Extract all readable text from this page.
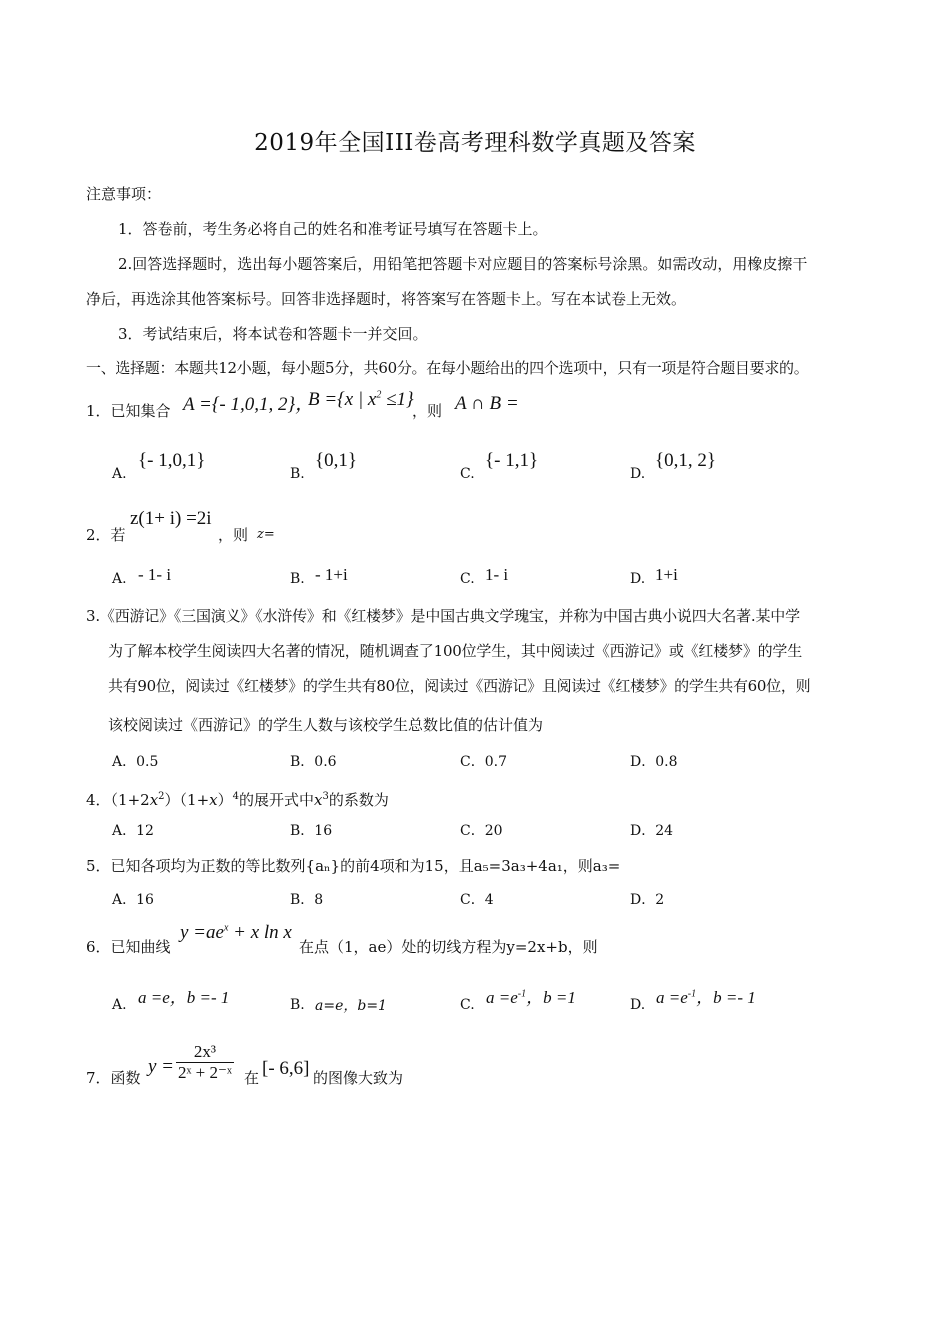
2019年全国III卷高考理科数学真题及答案
注意事项：
1．答卷前，考生务必将自己的姓名和准考证号填写在答题卡上。
2.回答选择题时，选出每小题答案后，用铅笔把答题卡对应题目的答案标号涂黑。如需改动，用橡皮擦干
净后，再选涂其他答案标号。回答非选择题时，将答案写在答题卡上。写在本试卷上无效。
3．考试结束后，将本试卷和答题卡一并交回。
一、选择题：本题共12小题，每小题5分，共60分。在每小题给出的四个选项中，只有一项是符合题目要求的。
1．已知集合 A ={- 1,0,1, 2}，
B ={x | $x^2 \le 1$}
，则 A ∩ B =
A.
{- 1,0,1}
B.
{0,1}
C.
{- 1,1}
D.
{0,1, 2}
2．若
z(1+ i) =2i
，则 z=
A. - 1- i	B. - 1+i	C. 1- i	D. 1+i
3.《西游记》《三国演义》《水浒传》和《红楼梦》是中国古典文学瑰宝，并称为中国古典小说四大名著.某中学
为了解本校学生阅读四大名著的情况，随机调查了100位学生，其中阅读过《西游记》或《红楼梦》的学生
共有90位，阅读过《红楼梦》的学生共有80位，阅读过《西游记》且阅读过《红楼梦》的学生共有60位，则
该校阅读过《西游记》的学生人数与该校学生总数比值的估计值为
A．0.5	B．0.6	C．0.7	D．0.8
4．$(1+2x^2)(1+x)^4$的展开式中$x^3$的系数为
A．12	B．16	C．20	D．24
5．已知各项均为正数的等比数列{aₙ}的前4项和为15，且a₅=3a₃+4a₁，则a₃=
A．16	B．8	C．4	D．2
6．已知曲线
$y =ae^x + x$ ln x
在点（1，ae）处的切线方程为y=2x+b，则
A. a =e，b =- 1	B. a=e，b=1	C. $a =e^{-1}$，b =1	D. $a =e^{-1}$，b =- 1
7．函数
$y = \frac{\text{2x³}}{\text{2ˣ + 2⁻ˣ}}$ 在 [- 6,6] 的图像大致为
